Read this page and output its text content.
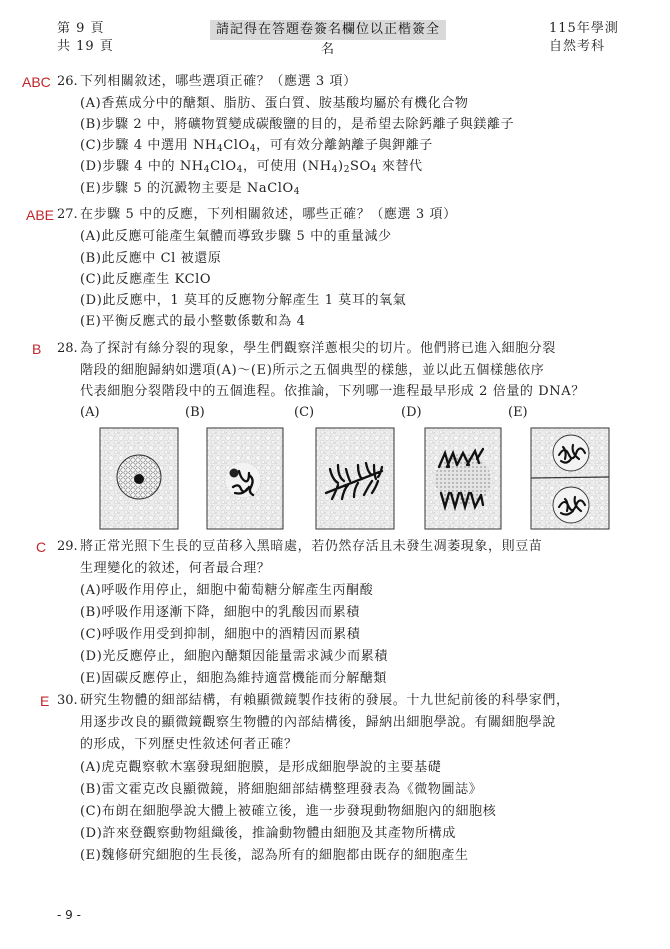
第 9 頁
共 19 頁
請記得在答題卷簽名欄位以正楷簽全名
115年學測
自然考科
ABC 26. 下列相關敘述，哪些選項正確？（應選 3 項）
(A)香蕉成分中的醣類、脂肪、蛋白質、胺基酸均屬於有機化合物
(B)步驟 2 中，將礦物質變成碳酸鹽的目的，是希望去除鈣離子與鎂離子
(C)步驟 4 中選用 $NH_4ClO_4$，可有效分離鈉離子與鉀離子
(D)步驟 4 中的 $NH_4ClO_4$，可使用 $(NH_4)_2SO_4$ 來替代
(E)步驟 5 的沉澱物主要是 NaClO$_4$
ABE 27. 在步驟 5 中的反應，下列相關敘述，哪些正確？（應選 3 項）
(A)此反應可能產生氣體而導致步驟 5 中的重量減少
(B)此反應中 Cl 被還原
(C)此反應產生 KClO
(D)此反應中，1 莫耳的反應物分解產生 1 莫耳的氧氣
(E)平衡反應式的最小整數係數和為 4
B 28. 為了探討有絲分裂的現象，學生們觀察洋蔥根尖的切片。他們將已進入細胞分裂
階段的細胞歸納如選項(A)～(E)所示之五個典型的樣態，並以此五個樣態依序
代表細胞分裂階段中的五個進程。依推論，下列哪一進程最早形成 2 倍量的 DNA？
(A)	(B)	(C)	(D)	(E)
C 29. 將正常光照下生長的豆苗移入黑暗處，若仍然存活且未發生凋萎現象，則豆苗
生理變化的敘述，何者最合理？
(A)呼吸作用停止，細胞中葡萄糖分解產生丙酮酸
(B)呼吸作用逐漸下降，細胞中的乳酸因而累積
(C)呼吸作用受到抑制，細胞中的酒精因而累積
(D)光反應停止，細胞內醣類因能量需求減少而累積
(E)固碳反應停止，細胞為維持適當機能而分解醣類
E 30. 研究生物體的細部結構，有賴顯微鏡製作技術的發展。十九世紀前後的科學家們，
用逐步改良的顯微鏡觀察生物體的內部結構後，歸納出細胞學說。有關細胞學說
的形成，下列歷史性敘述何者正確？
(A)虎克觀察軟木塞發現細胞膜，是形成細胞學說的主要基礎
(B)雷文霍克改良顯微鏡，將細胞細部結構整理發表為《微物圖誌》
(C)布朗在細胞學說大體上被確立後，進一步發現動物細胞內的細胞核
(D)許來登觀察動物組織後，推論動物體由細胞及其產物所構成
(E)魏修研究細胞的生長後，認為所有的細胞都由既存的細胞產生
- 9 -
